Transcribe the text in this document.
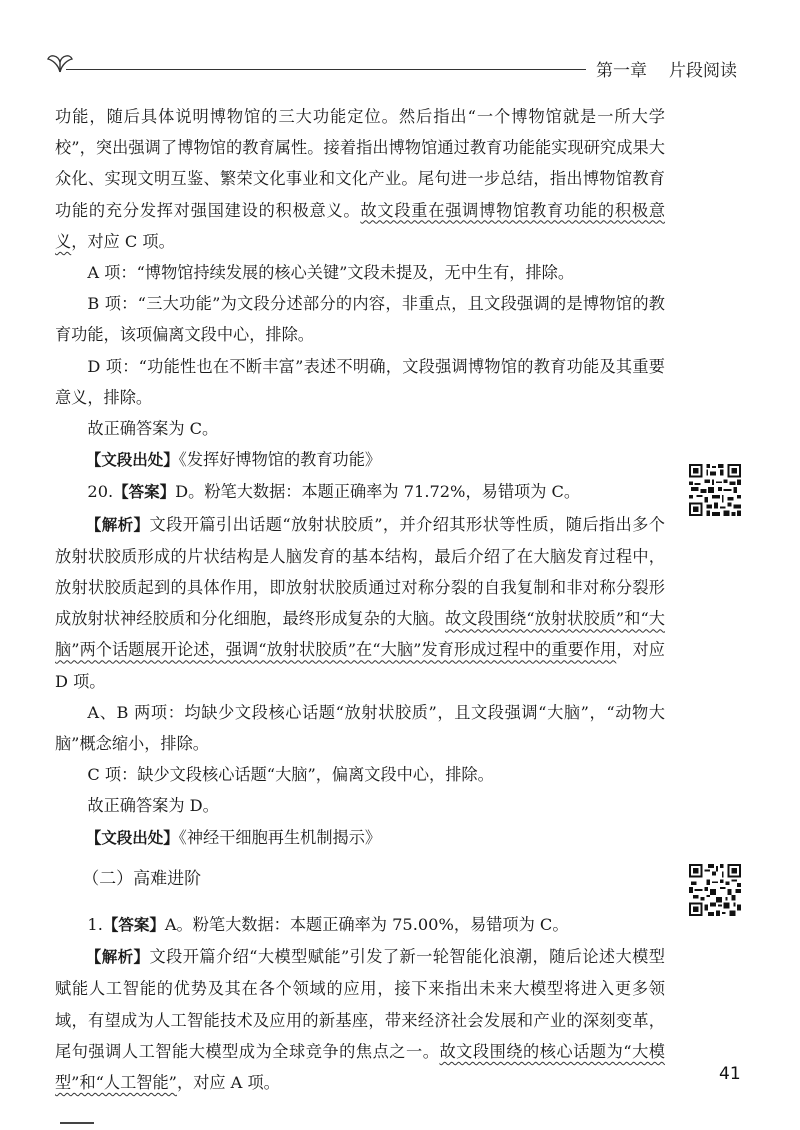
第一章 片段阅读

功能，随后具体说明博物馆的三大功能定位。然后指出“一个博物馆就是一所大学校”，突出强调了博物馆的教育属性。接着指出博物馆通过教育功能能实现研究成果大众化、实现文明互鉴、繁荣文化事业和文化产业。尾句进一步总结，指出博物馆教育功能的充分发挥对强国建设的积极意义。故文段重在强调博物馆教育功能的积极意义，对应 C 项。

A 项：“博物馆持续发展的核心关键”文段未提及，无中生有，排除。

B 项：“三大功能”为文段分述部分的内容，非重点，且文段强调的是博物馆的教育功能，该项偏离文段中心，排除。

D 项：“功能性也在不断丰富”表述不明确，文段强调博物馆的教育功能及其重要意义，排除。

故正确答案为 C。

【文段出处】《发挥好博物馆的教育功能》

20.【答案】D。粉笔大数据：本题正确率为 71.72%，易错项为 C。

【解析】文段开篇引出话题“放射状胶质”，并介绍其形状等性质，随后指出多个放射状胶质形成的片状结构是人脑发育的基本结构，最后介绍了在大脑发育过程中，放射状胶质起到的具体作用，即放射状胶质通过对称分裂的自我复制和非对称分裂形成放射状神经胶质和分化细胞，最终形成复杂的大脑。故文段围绕“放射状胶质”和“大脑”两个话题展开论述，强调“放射状胶质”在“大脑”发育形成过程中的重要作用，对应 D 项。

A、B 两项：均缺少文段核心话题“放射状胶质”，且文段强调“大脑”，“动物大脑”概念缩小，排除。

C 项：缺少文段核心话题“大脑”，偏离文段中心，排除。

故正确答案为 D。

【文段出处】《神经干细胞再生机制揭示》

（二）高难进阶

1.【答案】A。粉笔大数据：本题正确率为 75.00%，易错项为 C。

【解析】文段开篇介绍“大模型赋能”引发了新一轮智能化浪潮，随后论述大模型赋能人工智能的优势及其在各个领域的应用，接下来指出未来大模型将进入更多领域，有望成为人工智能技术及应用的新基座，带来经济社会发展和产业的深刻变革，尾句强调人工智能大模型成为全球竞争的焦点之一。故文段围绕的核心话题为“大模型”和“人工智能”，对应 A 项。	41
